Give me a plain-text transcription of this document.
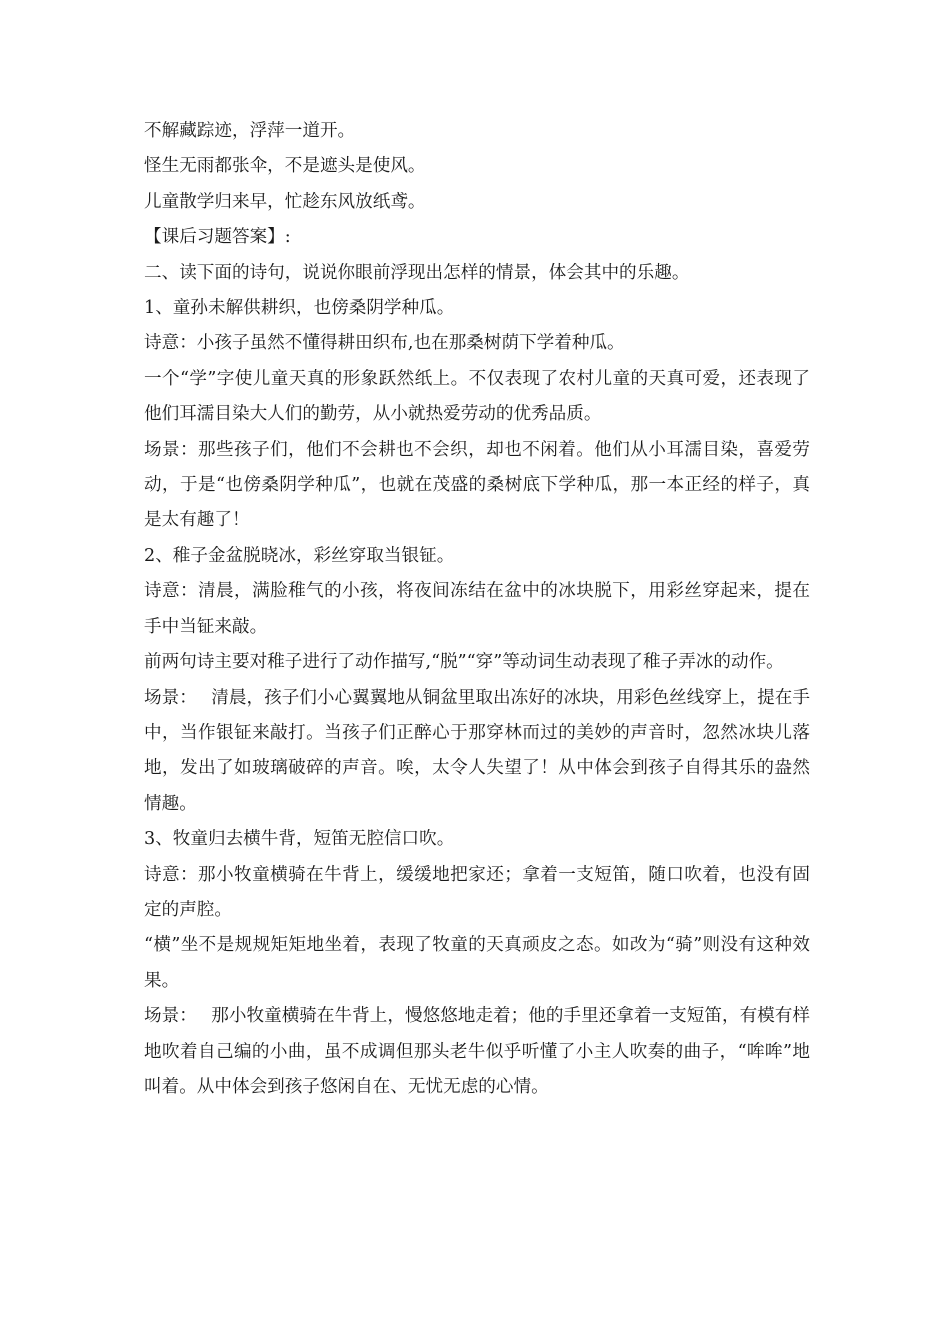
不解藏踪迹，浮萍一道开。

怪生无雨都张伞，不是遮头是使风。

儿童散学归来早，忙趁东风放纸鸢。

【课后习题答案】:

二、读下面的诗句，说说你眼前浮现出怎样的情景，体会其中的乐趣。

1、童孙未解供耕织，也傍桑阴学种瓜。

诗意：小孩子虽然不懂得耕田织布,也在那桑树荫下学着种瓜。

一个“学”字使儿童天真的形象跃然纸上。不仅表现了农村儿童的天真可爱，还表现了他们耳濡目染大人们的勤劳，从小就热爱劳动的优秀品质。

场景：那些孩子们，他们不会耕也不会织，却也不闲着。他们从小耳濡目染，喜爱劳动，于是“也傍桑阴学种瓜”，也就在茂盛的桑树底下学种瓜，那一本正经的样子，真是太有趣了！

2、稚子金盆脱晓冰，彩丝穿取当银钲。

诗意：清晨，满脸稚气的小孩，将夜间冻结在盆中的冰块脱下，用彩丝穿起来，提在手中当钲来敲。

前两句诗主要对稚子进行了动作描写,“脱”“穿”等动词生动表现了稚子弄冰的动作。

场景：　 清晨，孩子们小心翼翼地从铜盆里取出冻好的冰块，用彩色丝线穿上，提在手中，当作银钲来敲打。当孩子们正醉心于那穿林而过的美妙的声音时，忽然冰块儿落地，发出了如玻璃破碎的声音。唉，太令人失望了！从中体会到孩子自得其乐的盎然情趣。

3、牧童归去横牛背，短笛无腔信口吹。

诗意：那小牧童横骑在牛背上，缓缓地把家还；拿着一支短笛，随口吹着，也没有固定的声腔。

“横”坐不是规规矩矩地坐着，表现了牧童的天真顽皮之态。如改为“骑”则没有这种效果。

场景：　 那小牧童横骑在牛背上，慢悠悠地走着；他的手里还拿着一支短笛，有模有样地吹着自己编的小曲，虽不成调但那头老牛似乎听懂了小主人吹奏的曲子，“哞哞”地叫着。从中体会到孩子悠闲自在、无忧无虑的心情。
